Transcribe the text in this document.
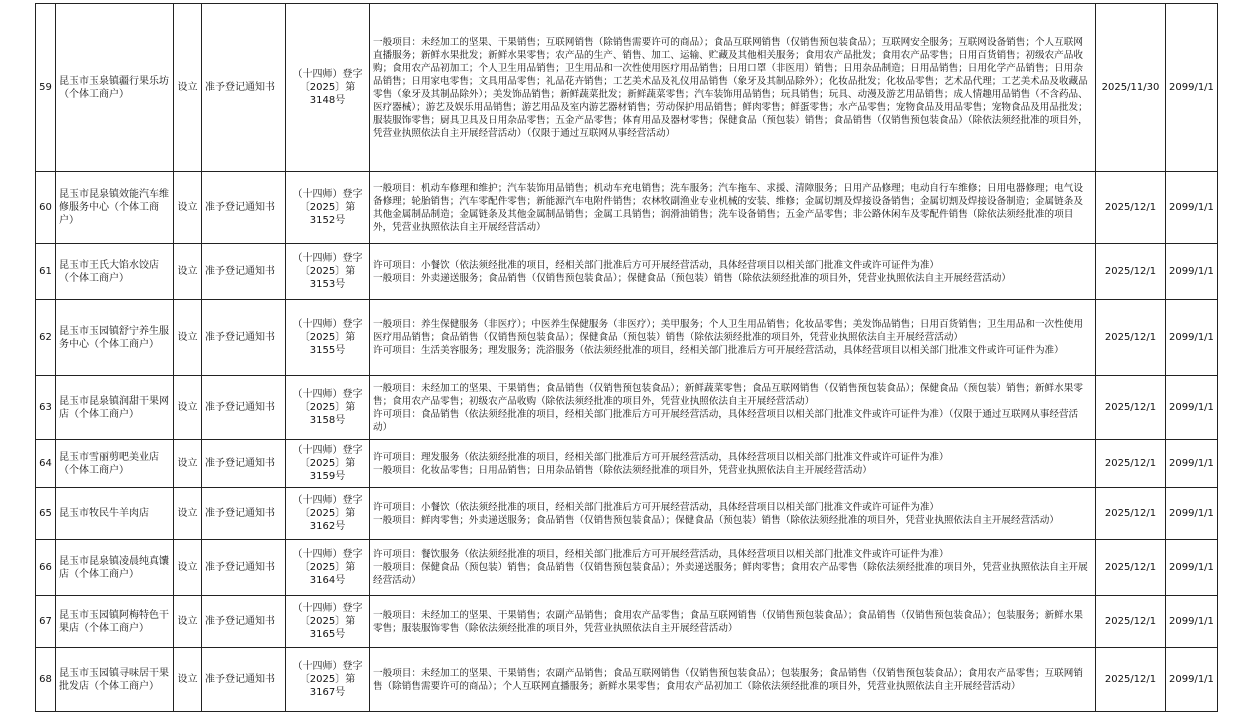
59	昆玉市玉泉镇疆行果乐坊（个体工商户）	设立	准予登记通知书	（十四师）登字〔2025〕第3148号	一般项目：未经加工的坚果、干果销售；互联网销售（除销售需要许可的商品）；食品互联网销售（仅销售预包装食品）；互联网安全服务；互联网设备销售；个人互联网直播服务；新鲜水果批发；新鲜水果零售；农产品的生产、销售、加工、运输、贮藏及其他相关服务；食用农产品批发；食用农产品零售；日用百货销售；初级农产品收购；食用农产品初加工；个人卫生用品销售；卫生用品和一次性使用医疗用品销售；日用口罩（非医用）销售；日用杂品制造；日用品销售；日用化学产品销售；日用杂品销售；日用家电零售；文具用品零售；礼品花卉销售；工艺美术品及礼仪用品销售（象牙及其制品除外）；化妆品批发；化妆品零售；艺术品代理；工艺美术品及收藏品零售（象牙及其制品除外）；美发饰品销售；新鲜蔬菜批发；新鲜蔬菜零售；汽车装饰用品销售；玩具销售；玩具、动漫及游艺用品销售；成人情趣用品销售（不含药品、医疗器械）；游艺及娱乐用品销售；游艺用品及室内游艺器材销售；劳动保护用品销售；鲜肉零售；鲜蛋零售；水产品零售；宠物食品及用品零售；宠物食品及用品批发；服装服饰零售；厨具卫具及日用杂品零售；五金产品零售；体育用品及器材零售；保健食品（预包装）销售；食品销售（仅销售预包装食品）（除依法须经批准的项目外，凭营业执照依法自主开展经营活动）（仅限于通过互联网从事经营活动）	2025/11/30	2099/1/1
60	昆玉市昆泉镇效能汽车维修服务中心（个体工商户）	设立	准予登记通知书	（十四师）登字〔2025〕第3152号	一般项目：机动车修理和维护；汽车装饰用品销售；机动车充电销售；洗车服务；汽车拖车、求援、清障服务；日用产品修理；电动自行车维修；日用电器修理；电气设备修理；轮胎销售；汽车零配件零售；新能源汽车电附件销售；农林牧副渔业专业机械的安装、维修；金属切割及焊接设备销售；金属切割及焊接设备制造；金属链条及其他金属制品制造；金属链条及其他金属制品销售；金属工具销售；润滑油销售；洗车设备销售；五金产品零售；非公路休闲车及零配件销售（除依法须经批准的项目外，凭营业执照依法自主开展经营活动）	2025/12/1	2099/1/1
61	昆玉市王氏大馅水饺店（个体工商户）	设立	准予登记通知书	（十四师）登字〔2025〕第3153号	许可项目：小餐饮（依法须经批准的项目，经相关部门批准后方可开展经营活动，具体经营项目以相关部门批准文件或许可证件为准）
一般项目：外卖递送服务；食品销售（仅销售预包装食品）；保健食品（预包装）销售（除依法须经批准的项目外，凭营业执照依法自主开展经营活动）	2025/12/1	2099/1/1
62	昆玉市玉园镇舒宁养生服务中心（个体工商户）	设立	准予登记通知书	（十四师）登字〔2025〕第3155号	一般项目：养生保健服务（非医疗）；中医养生保健服务（非医疗）；美甲服务；个人卫生用品销售；化妆品零售；美发饰品销售；日用百货销售；卫生用品和一次性使用医疗用品销售；食品销售（仅销售预包装食品）；保健食品（预包装）销售（除依法须经批准的项目外，凭营业执照依法自主开展经营活动）
许可项目：生活美容服务；理发服务；洗浴服务（依法须经批准的项目，经相关部门批准后方可开展经营活动，具体经营项目以相关部门批准文件或许可证件为准）	2025/12/1	2099/1/1
63	昆玉市昆泉镇润甜干果网店（个体工商户）	设立	准予登记通知书	（十四师）登字〔2025〕第3158号	一般项目：未经加工的坚果、干果销售；食品销售（仅销售预包装食品）；新鲜蔬菜零售；食品互联网销售（仅销售预包装食品）；保健食品（预包装）销售；新鲜水果零售；食用农产品零售；初级农产品收购（除依法须经批准的项目外，凭营业执照依法自主开展经营活动）
许可项目：食品销售（依法须经批准的项目，经相关部门批准后方可开展经营活动，具体经营项目以相关部门批准文件或许可证件为准）（仅限于通过互联网从事经营活动）	2025/12/1	2099/1/1
64	昆玉市雪丽剪吧美业店（个体工商户）	设立	准予登记通知书	（十四师）登字〔2025〕第3159号	许可项目：理发服务（依法须经批准的项目，经相关部门批准后方可开展经营活动，具体经营项目以相关部门批准文件或许可证件为准）
一般项目：化妆品零售；日用品销售；日用杂品销售（除依法须经批准的项目外，凭营业执照依法自主开展经营活动）	2025/12/1	2099/1/1
65	昆玉市牧民牛羊肉店	设立	准予登记通知书	（十四师）登字〔2025〕第3162号	许可项目：小餐饮（依法须经批准的项目，经相关部门批准后方可开展经营活动，具体经营项目以相关部门批准文件或许可证件为准）
一般项目：鲜肉零售；外卖递送服务；食品销售（仅销售预包装食品）；保健食品（预包装）销售（除依法须经批准的项目外，凭营业执照依法自主开展经营活动）	2025/12/1	2099/1/1
66	昆玉市昆泉镇凌晨纯真馕店（个体工商户）	设立	准予登记通知书	（十四师）登字〔2025〕第3164号	许可项目：餐饮服务（依法须经批准的项目，经相关部门批准后方可开展经营活动，具体经营项目以相关部门批准文件或许可证件为准）
一般项目：保健食品（预包装）销售；食品销售（仅销售预包装食品）；外卖递送服务；鲜肉零售；食用农产品零售（除依法须经批准的项目外，凭营业执照依法自主开展经营活动）	2025/12/1	2099/1/1
67	昆玉市玉园镇阿梅特色干果店（个体工商户）	设立	准予登记通知书	（十四师）登字〔2025〕第3165号	一般项目：未经加工的坚果、干果销售；农副产品销售；食用农产品零售；食品互联网销售（仅销售预包装食品）；食品销售（仅销售预包装食品）；包装服务；新鲜水果零售；服装服饰零售（除依法须经批准的项目外，凭营业执照依法自主开展经营活动）	2025/12/1	2099/1/1
68	昆玉市玉园镇寻味居干果批发店（个体工商户）	设立	准予登记通知书	（十四师）登字〔2025〕第3167号	一般项目：未经加工的坚果、干果销售；农副产品销售；食品互联网销售（仅销售预包装食品）；包装服务；食品销售（仅销售预包装食品）；食用农产品零售；互联网销售（除销售需要许可的商品）；个人互联网直播服务；新鲜水果零售；食用农产品初加工（除依法须经批准的项目外，凭营业执照依法自主开展经营活动）	2025/12/1	2099/1/1
